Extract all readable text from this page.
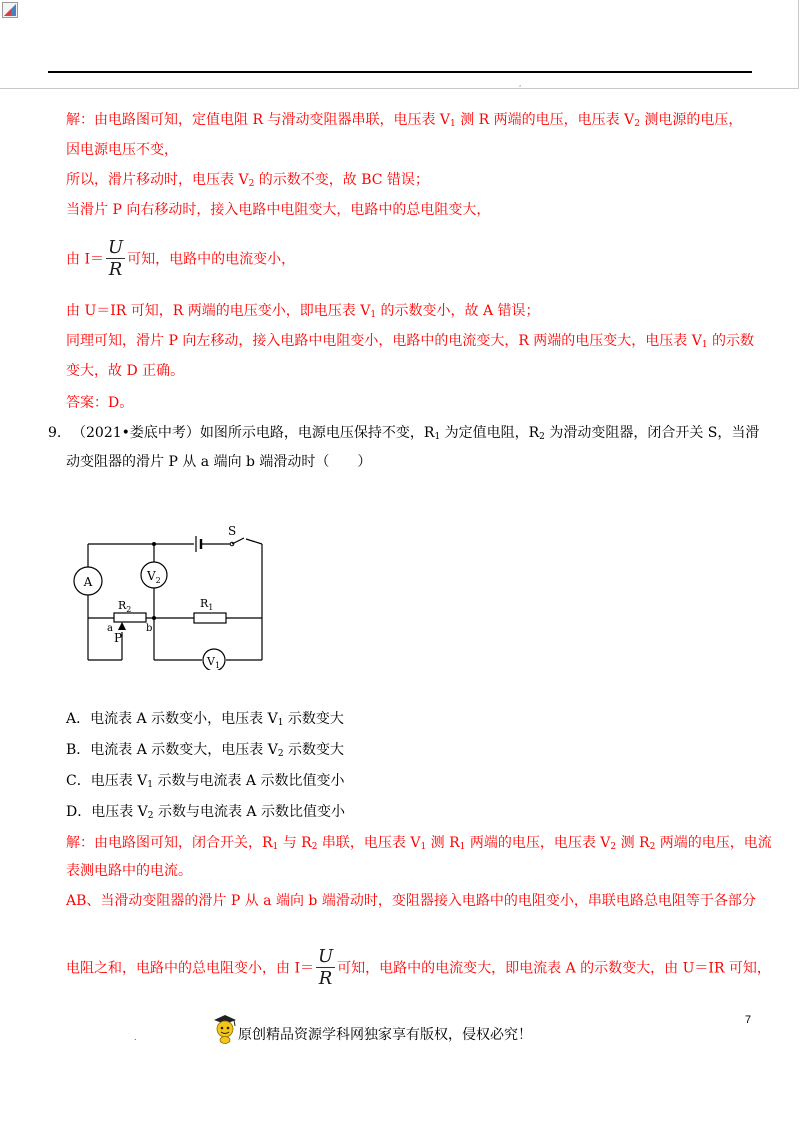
,
解：由电路图可知，定值电阻 R 与滑动变阻器串联，电压表 $V_1$ 测 R 两端的电压，电压表 $V_2$ 测电源的电压，
因电源电压不变，
所以，滑片移动时，电压表 $V_2$ 的示数不变，故 BC 错误；
当滑片 P 向右移动时，接入电路中电阻变大，电路中的总电阻变大，
由 $I= \frac{U}{R}$ 可知，电路中的电流变小，
由 U＝IR 可知，R 两端的电压变小，即电压表 $V_1$ 的示数变小，故 A 错误；
同理可知，滑片 P 向左移动，接入电路中电阻变小，电路中的电流变大，R 两端的电压变大，电压表 $V_1$ 的示数
变大，故 D 正确。
答案：D。
9. （2021•娄底中考）如图所示电路，电源电压保持不变，$R_1$ 为定值电阻，$R_2$ 为滑动变阻器，闭合开关 S，当滑
动变阻器的滑片 P 从 a 端向 b 端滑动时（　　）
S
A	$V_2$
$R_2$
a	b
P
$R_1$
$V_1$
A．电流表 A 示数变小，电压表 $V_1$ 示数变大
B．电流表 A 示数变大，电压表 $V_2$ 示数变大
C．电压表 $V_1$ 示数与电流表 A 示数比值变小
D．电压表 $V_2$ 示数与电流表 A 示数比值变小
解：由电路图可知，闭合开关，$R_1$ 与 $R_2$ 串联，电压表 $V_1$ 测 $R_1$ 两端的电压，电压表 $V_2$ 测 $R_2$ 两端的电压，电流
表测电路中的电流。
AB、当滑动变阻器的滑片 P 从 a 端向 b 端滑动时，变阻器接入电路中的电阻变小，串联电路总电阻等于各部分
电阻之和，电路中的总电阻变小，由 $I= \frac{U}{R}$ 可知，电路中的电流变大，即电流表 A 的示数变大，由 U＝IR 可知，
.	原创精品资源学科网独家享有版权，侵权必究！
7
